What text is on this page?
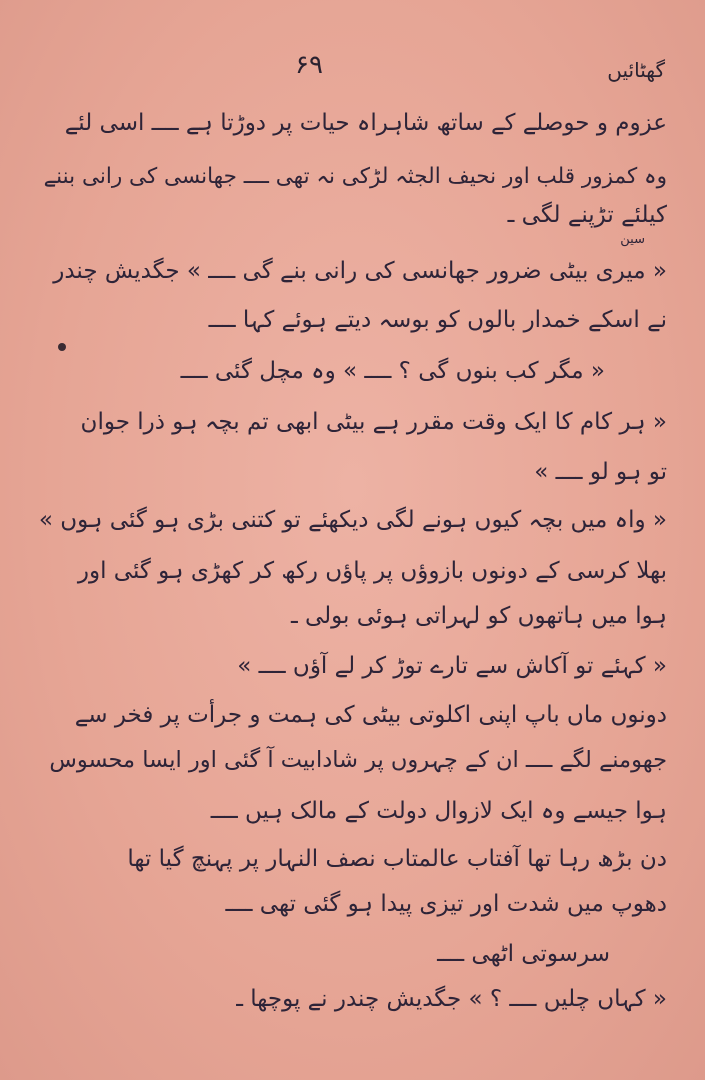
گھٹائیں
۶۹
سین
عزوم و حوصلے کے ساتھ شاہراہ حیات پر دوڑتا ہے ــــ اسی لئے
وہ کمزور قلب اور نحیف الجثہ لڑکی نہ تھی ــــ جھانسی کی رانی بننے
کیلئے تڑپنے لگی ـ
« میری بیٹی ضرور جھانسی کی رانی بنے گی ــــ » جگدیش چندر
نے اسکے خمدار بالوں کو بوسہ دیتے ہوئے کہا ــــ
« مگر کب بنوں گی ؟ ــــ » وہ مچل گئی ــــ
« ہر کام کا ایک وقت مقرر ہے بیٹی ابھی تم بچہ ہو ذرا جوان
تو ہو لو ــــ »
« واہ میں بچہ کیوں ہونے لگی دیکھئے تو کتنی بڑی ہو گئی ہوں »
بھلا کرسی کے دونوں بازوؤں پر پاؤں رکھ کر کھڑی ہو گئی اور
ہوا میں ہاتھوں کو لہراتی ہوئی بولی ـ
« کہئے تو آکاش سے تارے توڑ کر لے آؤں ــــ »
دونوں ماں باپ اپنی اکلوتی بیٹی کی ہمت و جرأت پر فخر سے
جھومنے لگے ــــ ان کے چہروں پر شادابیت آ گئی اور ایسا محسوس
ہوا جیسے وہ ایک لازوال دولت کے مالک ہیں ــــ
دن بڑھ رہا تھا آفتاب عالمتاب نصف النہار پر پہنچ گیا تھا
دھوپ میں شدت اور تیزی پیدا ہو گئی تھی ــــ
سرسوتی اٹھی ــــ
« کہاں چلیں ــــ ؟ » جگدیش چندر نے پوچھا ـ
